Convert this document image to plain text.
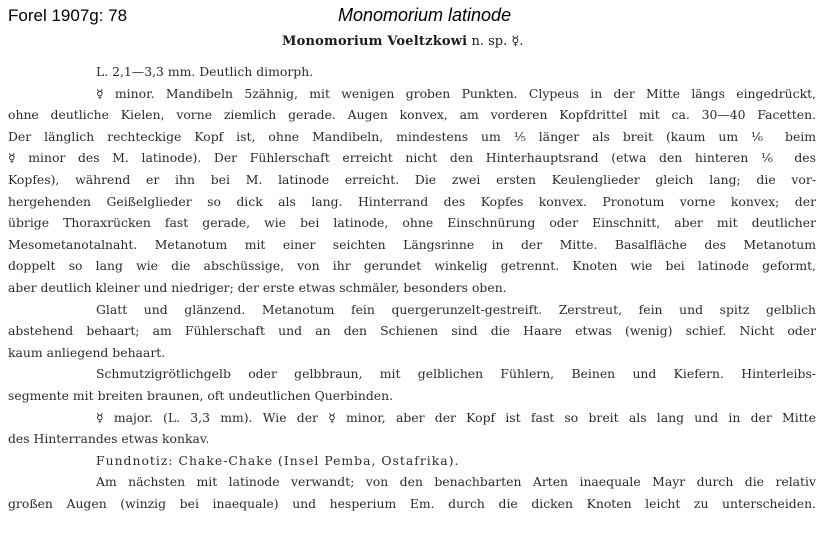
Forel 1907g: 78	Monomorium latinode
Monomorium Voeltzkowi n. sp. ☿.
L. 2,1—3,3 mm. Deutlich dimorph.
☿ minor. Mandibeln 5zähnig, mit wenigen groben Punkten. Clypeus in der Mitte längs eingedrückt,
ohne deutliche Kielen, vorne ziemlich gerade. Augen konvex, am vorderen Kopfdrittel mit ca. 30—40 Facetten.
Der länglich rechteckige Kopf ist, ohne Mandibeln, mindestens um ⅕ länger als breit (kaum um ⅙ beim
☿ minor des M. latinode). Der Fühlerschaft erreicht nicht den Hinterhauptsrand (etwa den hinteren ⅙ des
Kopfes), während er ihn bei M. latinode erreicht. Die zwei ersten Keulenglieder gleich lang; die vor-
hergehenden Geißelglieder so dick als lang. Hinterrand des Kopfes konvex. Pronotum vorne konvex; der
übrige Thoraxrücken fast gerade, wie bei latinode, ohne Einschnürung oder Einschnitt, aber mit deutlicher
Mesometanotalnaht. Metanotum mit einer seichten Längsrinne in der Mitte. Basalfläche des Metanotum
doppelt so lang wie die abschüssige, von ihr gerundet winkelig getrennt. Knoten wie bei latinode geformt,
aber deutlich kleiner und niedriger; der erste etwas schmäler, besonders oben.
Glatt und glänzend. Metanotum fein quergerunzelt-gestreift. Zerstreut, fein und spitz gelblich
abstehend behaart; am Fühlerschaft und an den Schienen sind die Haare etwas (wenig) schief. Nicht oder
kaum anliegend behaart.
Schmutzigrötlichgelb oder gelbbraun, mit gelblichen Fühlern, Beinen und Kiefern. Hinterleibs-
segmente mit breiten braunen, oft undeutlichen Querbinden.
☿ major. (L. 3,3 mm). Wie der ☿ minor, aber der Kopf ist fast so breit als lang und in der Mitte
des Hinterrandes etwas konkav.
Fundnotiz: Chake-Chake (Insel Pemba, Ostafrika).
Am nächsten mit latinode verwandt; von den benachbarten Arten inaequale Mayr durch die relativ
großen Augen (winzig bei inaequale) und hesperium Em. durch die dicken Knoten leicht zu unterscheiden.
